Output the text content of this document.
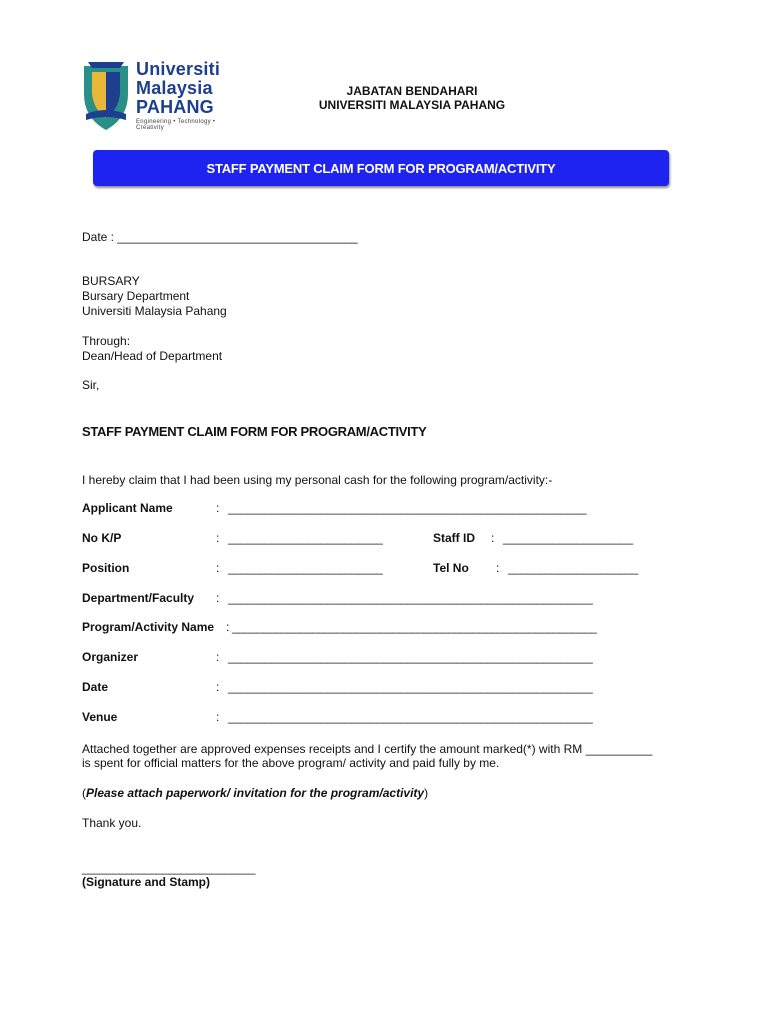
Universiti
Malaysia
PAHANG
Engineering • Technology • Creativity
JABATAN BENDAHARI
UNIVERSITI MALAYSIA PAHANG
STAFF PAYMENT CLAIM FORM FOR PROGRAM/ACTIVITY
Date : ____________________________________
BURSARY
Bursary Department
Universiti Malaysia Pahang
Through:
Dean/Head of Department
Sir,
STAFF PAYMENT CLAIM FORM FOR PROGRAM/ACTIVITY
I hereby claim that I had been using my personal cash for the following program/activity:-
Applicant Name	: __________________________________________________________
No K/P	: _________________________	Staff ID : _____________________
Position	: _________________________	Tel No : _____________________
Department/Faculty : ___________________________________________________________
Program/Activity Name : ___________________________________________________________
Organizer	: ___________________________________________________________
Date	: ___________________________________________________________
Venue	: ___________________________________________________________
Attached together are approved expenses receipts and I certify the amount marked(*) with RM __________
is spent for official matters for the above program/ activity and paid fully by me.
(Please attach paperwork/ invitation for the program/activity)
Thank you.
____________________________
(Signature and Stamp)
